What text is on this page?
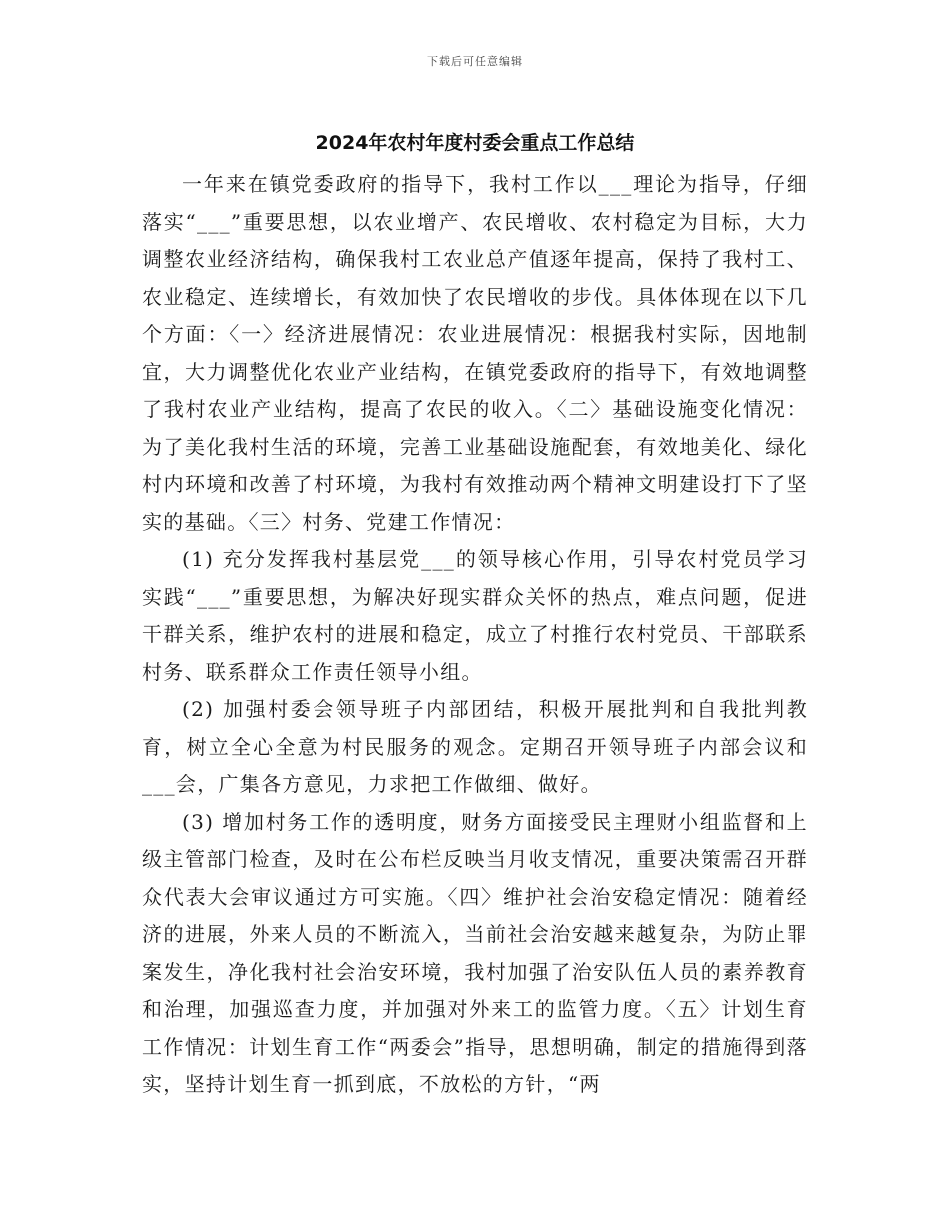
下载后可任意编辑
2024年农村年度村委会重点工作总结

一年来在镇党委政府的指导下，我村工作以___理论为指导，仔细落实“___”重要思想，以农业增产、农民增收、农村稳定为目标，大力调整农业经济结构，确保我村工农业总产值逐年提高，保持了我村工、农业稳定、连续增长，有效加快了农民增收的步伐。具体体现在以下几个方面：〈一〉经济进展情况：农业进展情况：根据我村实际，因地制宜，大力调整优化农业产业结构，在镇党委政府的指导下，有效地调整了我村农业产业结构，提高了农民的收入。〈二〉基础设施变化情况：为了美化我村生活的环境，完善工业基础设施配套，有效地美化、绿化村内环境和改善了村环境，为我村有效推动两个精神文明建设打下了坚实的基础。〈三〉村务、党建工作情况：

(1) 充分发挥我村基层党___的领导核心作用，引导农村党员学习实践“___”重要思想，为解决好现实群众关怀的热点，难点问题，促进干群关系，维护农村的进展和稳定，成立了村推行农村党员、干部联系村务、联系群众工作责任领导小组。

(2) 加强村委会领导班子内部团结，积极开展批判和自我批判教育，树立全心全意为村民服务的观念。定期召开领导班子内部会议和___会，广集各方意见，力求把工作做细、做好。

(3) 增加村务工作的透明度，财务方面接受民主理财小组监督和上级主管部门检查，及时在公布栏反映当月收支情况，重要决策需召开群众代表大会审议通过方可实施。〈四〉维护社会治安稳定情况：随着经济的进展，外来人员的不断流入，当前社会治安越来越复杂，为防止罪案发生，净化我村社会治安环境，我村加强了治安队伍人员的素养教育和治理，加强巡查力度，并加强对外来工的监管力度。〈五〉计划生育工作情况：计划生育工作“两委会”指导，思想明确，制定的措施得到落实，坚持计划生育一抓到底，不放松的方针，“两
